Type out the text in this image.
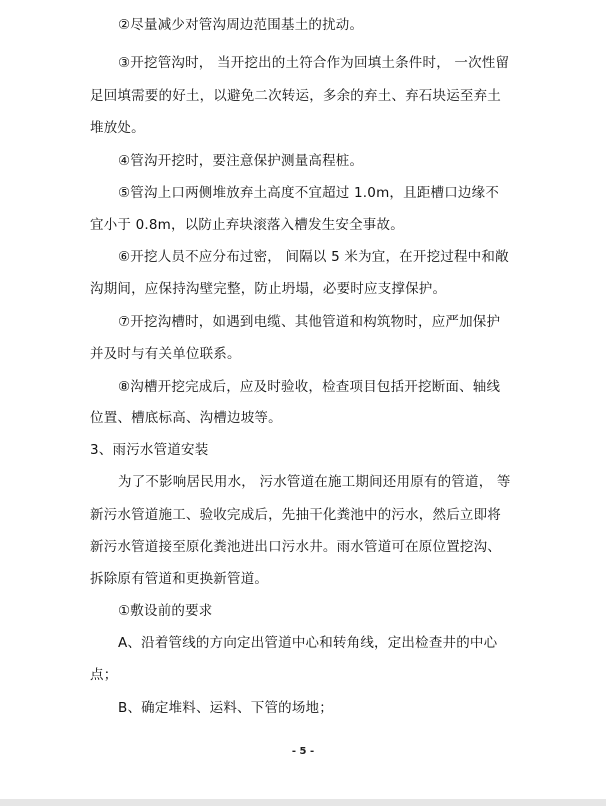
②尽量减少对管沟周边范围基土的扰动。
③开挖管沟时， 当开挖出的土符合作为回填土条件时， 一次性留
足回填需要的好土，以避免二次转运，多余的弃土、弃石块运至弃土
堆放处。
④管沟开挖时，要注意保护测量高程桩。
⑤管沟上口两侧堆放弃土高度不宜超过 1.0m，且距槽口边缘不
宜小于 0.8m，以防止弃块滚落入槽发生安全事故。
⑥开挖人员不应分布过密， 间隔以 5 米为宜，在开挖过程中和敞
沟期间，应保持沟壁完整，防止坍塌，必要时应支撑保护。
⑦开挖沟槽时，如遇到电缆、其他管道和构筑物时，应严加保护
并及时与有关单位联系。
⑧沟槽开挖完成后，应及时验收，检查项目包括开挖断面、轴线
位置、槽底标高、沟槽边坡等。
3、雨污水管道安装
为了不影响居民用水， 污水管道在施工期间还用原有的管道， 等
新污水管道施工、验收完成后，先抽干化粪池中的污水，然后立即将
新污水管道接至原化粪池进出口污水井。雨水管道可在原位置挖沟、
拆除原有管道和更换新管道。
①敷设前的要求
A、沿着管线的方向定出管道中心和转角线，定出检查井的中心
点；
B、确定堆料、运料、下管的场地；
- 5 -
